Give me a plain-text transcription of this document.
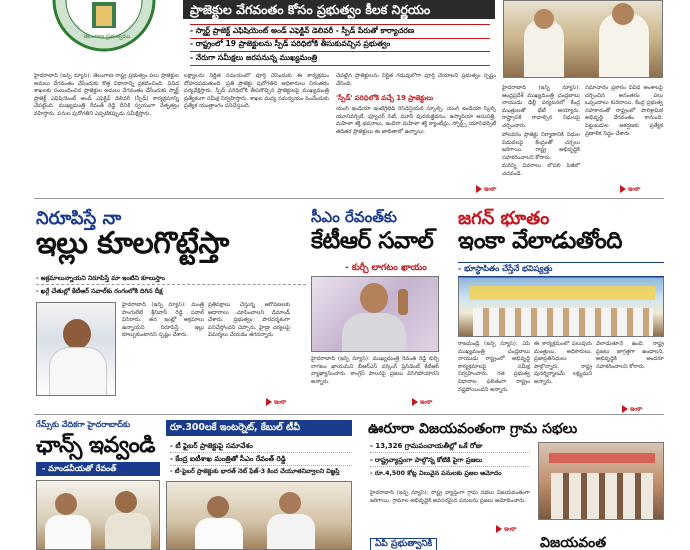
తెలంగాణ ప్రభుత్వము
ప్రాజెక్టుల వేగవంతం కోసం ప్రభుత్వం కీలక నిర్ణయం
- స్మార్ట్ ప్రాజెక్ట్ ఎఫిషియెంట్ అండ్ ఎఫెక్టివ్ డెలివరీ - స్పీడ్ పేరుతో కార్యాచరణ
- రాష్ట్రంలో 19 ప్రాజెక్టులను స్పీడ్ పరిధిలోకి తీసుకువచ్చిన ప్రభుత్వం
- నేరుగా సమీక్షలు జరపనున్న ముఖ్యమంత్రి
హైదరాబాద్ (ఇన్ఫ్ న్యూస్): తెలంగాణ రాష్ట్ర ప్రభుత్వం పలు ప్రాజెక్టుల అమలు వేగవంతం చేసేందుకు కొత్త విధానాన్ని ప్రకటించింది. వివిధ శాఖలకు సంబంధించిన ప్రాజెక్టుల అమలు వేగవంతం చేసేందుకు స్మార్ట్ ప్రాజెక్ట్ ఎఫిషియెంట్ అండ్ ఎఫెక్టివ్ డెలివరీ (స్పీడ్) కార్యక్రమాన్ని చేపట్టింది. ముఖ్యమంత్రి రేవంత్ రెడ్డి దీనికి స్వయంగా నేతృత్వం వహిస్తారు. పనుల పురోగతిని ఎప్పటికప్పుడు సమీక్షిస్తారు.
లక్ష్యాలను నిర్ణీత సమయంలో పూర్తి చేసేందుకు ఈ కార్యక్రమం దోహదపడుతుంది. ప్రతి ప్రాజెక్టు పురోగతిని అధికారులు నిరంతరం పర్యవేక్షిస్తారు. స్పీడ్ పరిధిలోకి తీసుకొచ్చిన ప్రాజెక్టులపై ముఖ్యమంత్రి ప్రత్యేకంగా సమీక్ష నిర్వహిస్తారు. శాఖల మధ్య సమన్వయం పెంచేందుకు ప్రత్యేక యంత్రాంగం పనిచేస్తుంది.
చేపట్టిన ప్రాజెక్టులను నిర్ణీత గడువులోగా పూర్తి చేయాలని ప్రభుత్వం స్పష్టం చేసింది.
'స్పీడ్' పరిధిలోకి వచ్చే 19 ప్రాజెక్టులు
యంగ్ ఇండియా ఇంటిగ్రేటెడ్ రెసిడెన్షియల్ స్కూల్స్, యంగ్ ఇండియా స్కిల్స్ యూనివర్సిటీ, ఫ్యూచర్ సిటీ, మూసీ పునరుజ్జీవనం, ఉస్మానియా ఆసుపత్రి, మహిళా శక్తి భవనాలు, ఇందిరా మహిళా శక్తి క్యాంటీన్లు, స్పోర్ట్స్ యూనివర్సిటీ తదితర ప్రాజెక్టులు ఈ జాబితాలో ఉన్నాయి.
ఇంకా
హైదరాబాద్ (ఇన్ఫ్ న్యూస్): ఆంధ్రప్రదేశ్ ముఖ్యమంత్రి చంద్రబాబు నాయుడు ఢిల్లీ పర్యటనలో కేంద్ర మంత్రులతో భేటీ అయ్యారు. రాష్ట్రానికి రావాల్సిన నిధులపై చర్చించారు.
పోలవరం ప్రాజెక్టు నిర్మాణానికి నిధుల విడుదలపై కేంద్రంతో చర్చలు జరిగాయి. రాష్ట్ర అభివృద్ధికి సహకరించాలని కోరారు.
మరిన్ని వివరాలు లోపలి పేజీలో చదవండి.
సమాచారం ప్రకారం వివిధ అంశాలపై చర్చించిన అనంతరం పలు ఒప్పందాలు కుదిరాయి. కేంద్ర ప్రభుత్వ సహకారంతో రాష్ట్రంలో పారిశ్రామిక అభివృద్ధి వేగవంతం కానుంది. పెట్టుబడుల ఆకర్షణకు ప్రత్యేక ప్రణాళిక సిద్ధం చేశారు.
ఇంకా
నిరూపిస్తే నా
ఇల్లు కూలగొట్టేస్తా
- అక్రమాలున్నాయని నిరూపిస్తే మా ఇంటిని కూలుస్తాం
- ఖర్గే చేతుల్లో కేటీఆర్ సవాల్‌కు రంగంలోకి దిగిన దీక్ష
హైదరాబాద్ (ఇన్ఫ్ న్యూస్): మంత్రి పొంగులేటి శ్రీనివాస్ రెడ్డి సవాల్ విసిరారు. తన ఇంట్లో అక్రమాలు ఉన్నాయని నిరూపిస్తే ఇల్లు కూల్చుకుంటానని స్పష్టం చేశారు.
ప్రతిపక్షాలు చేస్తున్న ఆరోపణలకు ఆధారాలు చూపించాలని డిమాండ్ చేశారు. ప్రభుత్వం పారదర్శకంగా పనిచేస్తోందని చెప్పారు. హైడ్రా చర్యలపై విమర్శలు చేయడం తగదన్నారు.
ఇంకా
సీఎం రేవంత్‌కు
కేటీఆర్ సవాల్
- కుర్చీ లాగటం ఖాయం
హైదరాబాద్ (ఇన్ఫ్ న్యూస్): ముఖ్యమంత్రి రేవంత్ రెడ్డి కుర్చీ లాగటం ఖాయమని బీఆర్ఎస్ వర్కింగ్ ప్రెసిడెంట్ కేటీఆర్ వ్యాఖ్యానించారు. కాంగ్రెస్ పాలనపై ప్రజలు విసిగిపోయారని అన్నారు.
ఇంకా
జగన్ భూతం
ఇంకా వేలాడుతోంది
- భూస్థాపితం చేస్తేనే భవిష్యత్తు
రాజమండ్రి (ఇన్ఫ్ న్యూస్): ఏపీ ముఖ్యమంత్రి చంద్రబాబు నాయుడు రాష్ట్రంలో అభివృద్ధి కార్యక్రమాలపై సమీక్ష నిర్వహించారు. గత ప్రభుత్వ విధానాల ఫలితంగా రాష్ట్రం నష్టపోయిందని అన్నారు.
ఈ కార్యక్రమంలో పలువురు మంత్రులు, అధికారులు, ప్రజాప్రతినిధులు పాల్గొన్నారు. రాష్ట్ర పునర్నిర్మాణమే లక్ష్యమని అన్నారు.
వేలాడుతూనే ఉంది. రాష్ట్ర ప్రజలు జాగ్రత్తగా ఉండాలని, అభివృద్ధికి అందరూ సహకరించాలని కోరారు.
ఇంకా
గేమ్స్‌కు వేదికగా హైదరాబాద్‌కు
ఛాన్స్ ఇవ్వండి
- మాండవీయతో రేవంత్
రూ.300లకే ఇంటర్నెట్, కేబుల్ టీవీ
- టీ ఫైబర్ ప్రాజెక్టుపై సమావేశం
- కేంద్ర ఐటీశాఖ మంత్రితో సీఎం రేవంత్ రెడ్డి
- టీ-ఫైబర్ ప్రాజెక్టుకు భారత్ నెట్ ఫేజ్-3 కింద చేయూతనివ్వాలని విజ్ఞప్తి
ఊరూరా విజయవంతంగా గ్రామ సభలు
- 13,326 గ్రామపంచాయతీల్లో ఒకే రోజు
- రాష్ట్రవ్యాప్తంగా పాల్గొన్న కోటికి పైగా ప్రజలు
- రూ.4,500 కోట్ల విలువైన పనులకు ప్రజల ఆమోదం
హైదరాబాద్ (ఇన్ఫ్ న్యూస్): రాష్ట్ర వ్యాప్తంగా గ్రామ సభలు విజయవంతంగా జరిగాయి. గ్రామాల అభివృద్ధికి అవసరమైన పనులను ప్రజలు ఆమోదించారు.
ఇంకా
ఏపీ ప్రభుత్వానికి	విజయవంత
